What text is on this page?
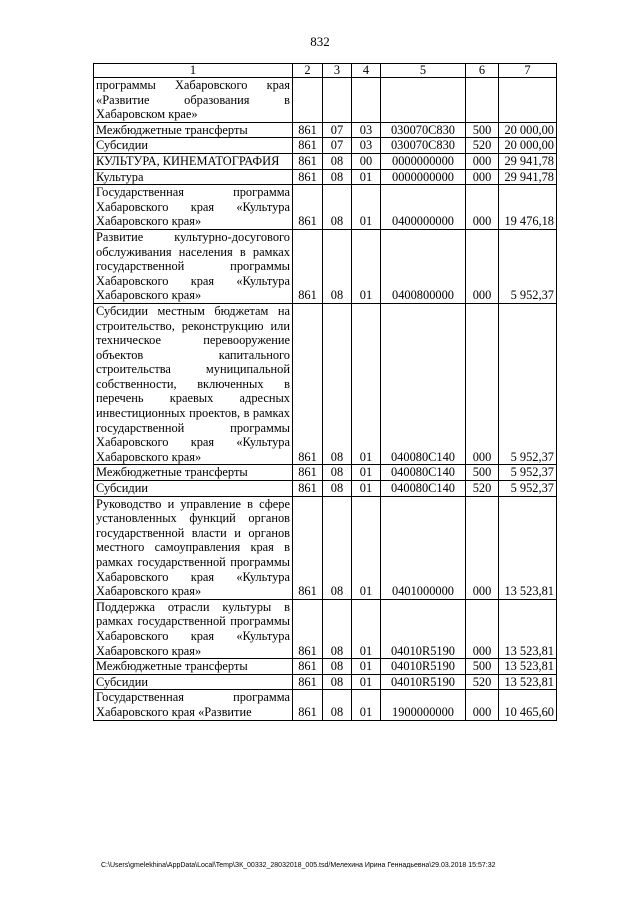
832
1	2	3	4	5	6	7
программы Хабаровского края «Развитие образования в Хабаровском крае»						
Межбюджетные трансферты	861	07	03	030070С830	500	20 000,00
Субсидии	861	07	03	030070С830	520	20 000,00
КУЛЬТУРА, КИНЕМАТОГРАФИЯ	861	08	00	0000000000	000	29 941,78
Культура	861	08	01	0000000000	000	29 941,78
Государственная программа Хабаровского края «Культура Хабаровского края»	861	08	01	0400000000	000	19 476,18
Развитие культурно-досугового обслуживания населения в рамках государственной программы Хабаровского края «Культура Хабаровского края»	861	08	01	0400800000	000	5 952,37
Субсидии местным бюджетам на строительство, реконструкцию или техническое перевооружение объектов капитального строительства муниципальной собственности, включенных в перечень краевых адресных инвестиционных проектов, в рамках государственной программы Хабаровского края «Культура Хабаровского края»	861	08	01	040080С140	000	5 952,37
Межбюджетные трансферты	861	08	01	040080С140	500	5 952,37
Субсидии	861	08	01	040080С140	520	5 952,37
Руководство и управление в сфере установленных функций органов государственной власти и органов местного самоуправления края в рамках государственной программы Хабаровского края «Культура Хабаровского края»	861	08	01	0401000000	000	13 523,81
Поддержка отрасли культуры в рамках государственной программы Хабаровского края «Культура Хабаровского края»	861	08	01	04010R5190	000	13 523,81
Межбюджетные трансферты	861	08	01	04010R5190	500	13 523,81
Субсидии	861	08	01	04010R5190	520	13 523,81
Государственная программа Хабаровского края «Развитие	861	08	01	1900000000	000	10 465,60
C:\Users\gmelekhina\AppData\Local\Temp\ЗК_00332_28032018_005.tsd/Мелехина Ирина Геннадьевна\29.03.2018 15:57:32
